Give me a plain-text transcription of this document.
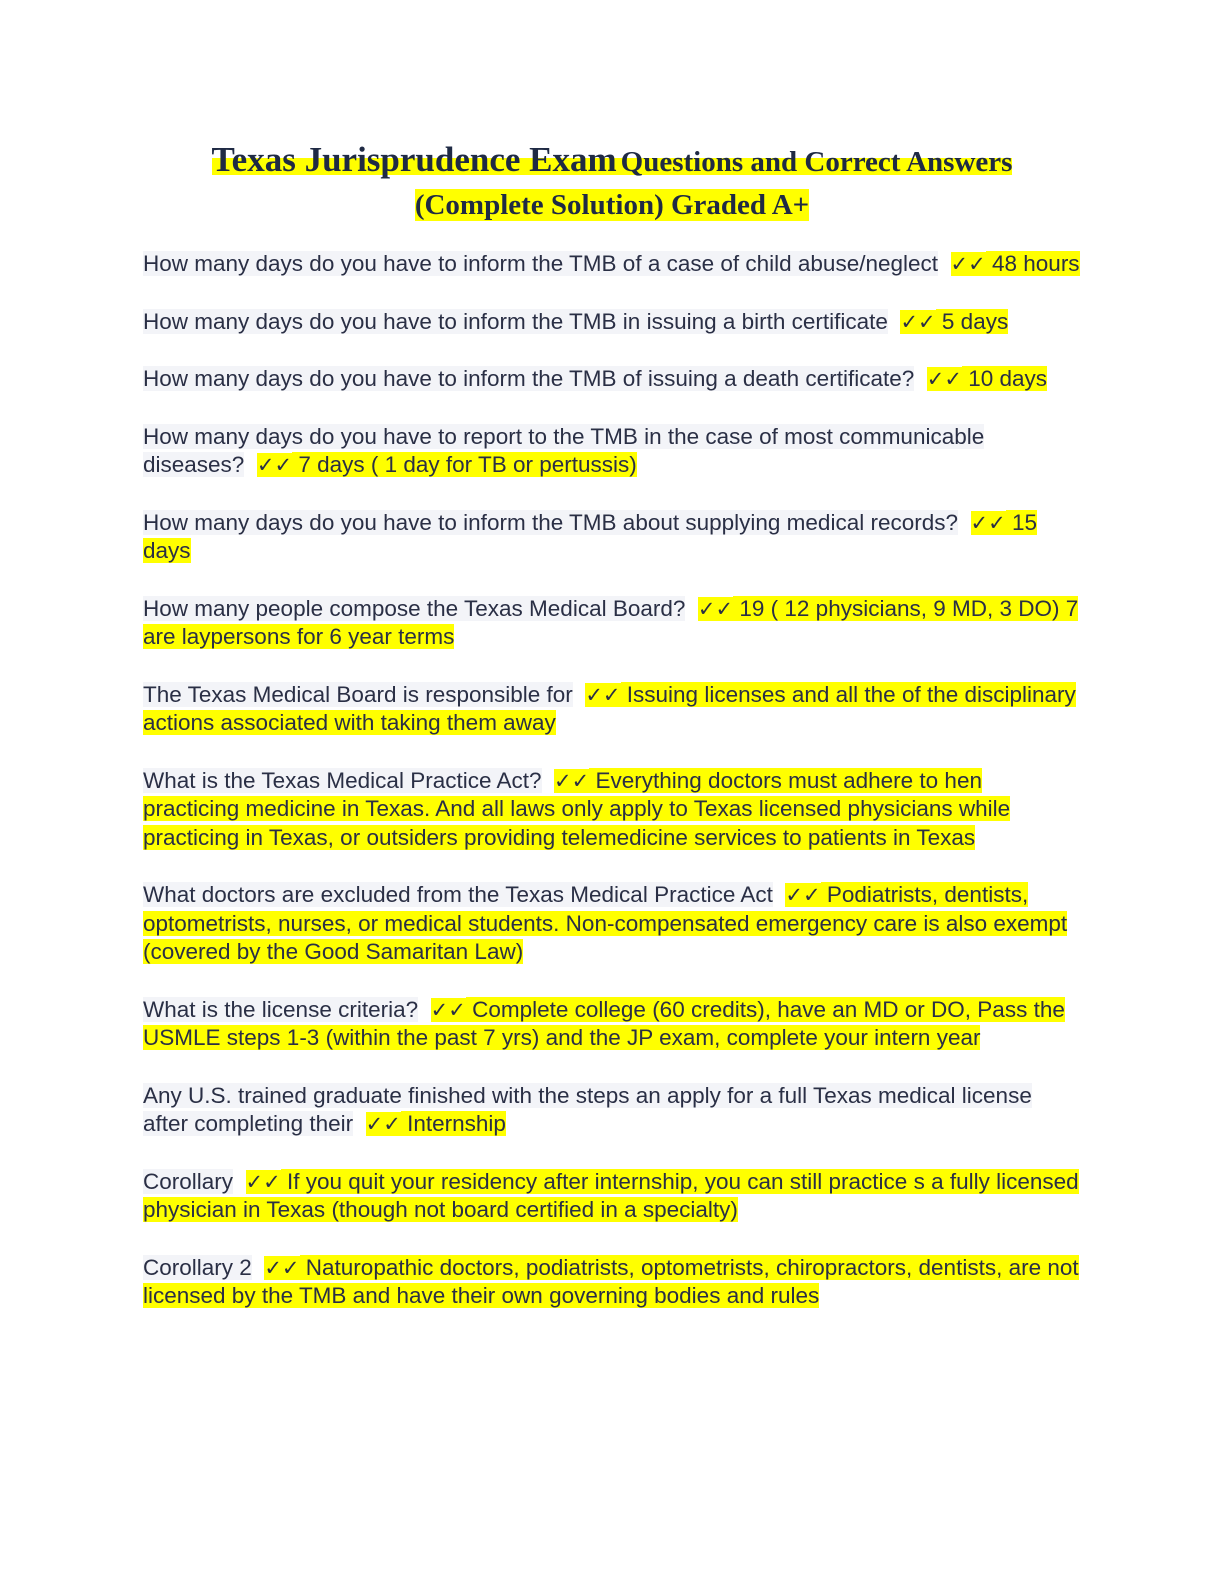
Texas Jurisprudence Exam Questions and Correct Answers
(Complete Solution) Graded A+

How many days do you have to inform the TMB of a case of child abuse/neglect ✓✓ 48 hours

How many days do you have to inform the TMB in issuing a birth certificate ✓✓ 5 days

How many days do you have to inform the TMB of issuing a death certificate? ✓✓ 10 days

How many days do you have to report to the TMB in the case of most communicable diseases? ✓✓ 7 days ( 1 day for TB or pertussis)

How many days do you have to inform the TMB about supplying medical records? ✓✓ 15 days

How many people compose the Texas Medical Board? ✓✓ 19 ( 12 physicians, 9 MD, 3 DO) 7 are laypersons for 6 year terms

The Texas Medical Board is responsible for ✓✓ Issuing licenses and all the of the disciplinary actions associated with taking them away

What is the Texas Medical Practice Act? ✓✓ Everything doctors must adhere to hen practicing medicine in Texas. And all laws only apply to Texas licensed physicians while practicing in Texas, or outsiders providing telemedicine services to patients in Texas

What doctors are excluded from the Texas Medical Practice Act ✓✓ Podiatrists, dentists, optometrists, nurses, or medical students. Non-compensated emergency care is also exempt (covered by the Good Samaritan Law)

What is the license criteria? ✓✓ Complete college (60 credits), have an MD or DO, Pass the USMLE steps 1-3 (within the past 7 yrs) and the JP exam, complete your intern year

Any U.S. trained graduate finished with the steps an apply for a full Texas medical license after completing their ✓✓ Internship

Corollary ✓✓ If you quit your residency after internship, you can still practice s a fully licensed physician in Texas (though not board certified in a specialty)

Corollary 2 ✓✓ Naturopathic doctors, podiatrists, optometrists, chiropractors, dentists, are not licensed by the TMB and have their own governing bodies and rules
